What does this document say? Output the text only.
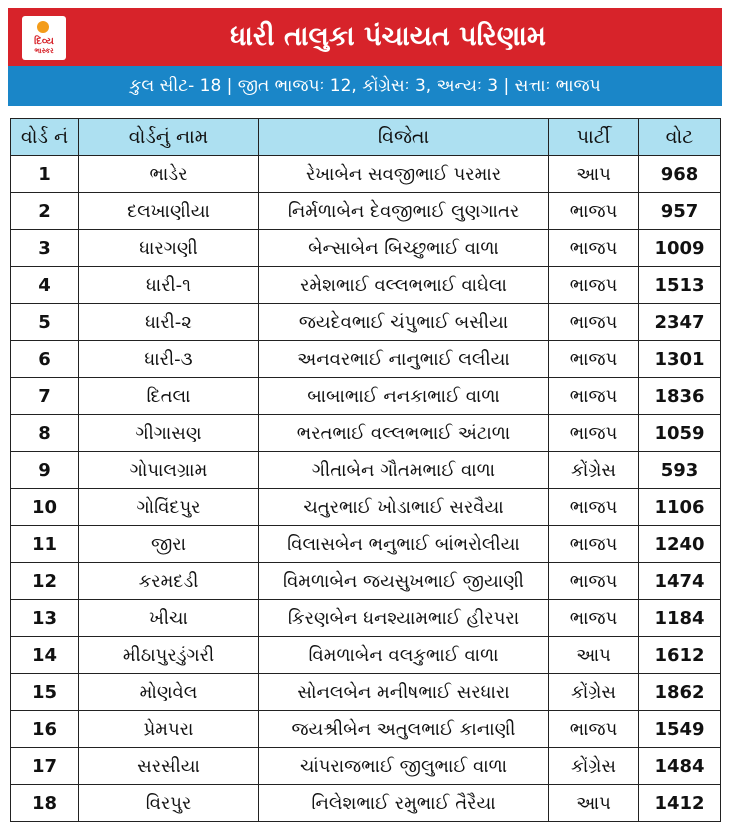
દિવ્ય
ભાસ્કર	ધારી તાલુકા પંચાયત પરિણામ
કુલ સીટ- 18 | જીત ભાજપઃ 12, કોંગ્રેસઃ 3, અન્યઃ 3 | સત્તાઃ ભાજપ
વોર્ડ નં	વોર્ડનું નામ	વિજેતા	પાર્ટી	વોટ
1	ભાડેર	રેખાબેન સવજીભાઈ પરમાર	આપ	968
2	દલખાણીયા	નિર્મળાબેન દેવજીભાઈ લુણગાતર	ભાજપ	957
3	ધારગણી	બેન્સાબેન બિચ્છુભાઈ વાળા	ભાજપ	1009
4	ધારી-૧	રમેશભાઈ વલ્લભભાઈ વાઘેલા	ભાજપ	1513
5	ધારી-૨	જયદેવભાઈ ચંપુભાઈ બસીયા	ભાજપ	2347
6	ધારી-૩	અનવરભાઈ નાનુભાઈ લલીયા	ભાજપ	1301
7	દિતલા	બાબાભાઈ નનકાભાઈ વાળા	ભાજપ	1836
8	ગીગાસણ	ભરતભાઈ વલ્લભભાઈ અંટાળા	ભાજપ	1059
9	ગોપાલગ્રામ	ગીતાબેન ગૌતમભાઈ વાળા	કોંગ્રેસ	593
10	ગોવિંદપુર	ચતુરભાઈ ખોડાભાઈ સરવૈયા	ભાજપ	1106
11	જીરા	વિલાસબેન ભનુભાઈ બાંભરોલીયા	ભાજપ	1240
12	કરમદડી	વિમળાબેન જયસુખભાઈ જીયાણી	ભાજપ	1474
13	ખીચા	કિરણબેન ધનશ્યામભાઈ હીરપરા	ભાજપ	1184
14	મીઠાપુરડુંગરી	વિમળાબેન વલકુભાઈ વાળા	આપ	1612
15	મોણવેલ	સોનલબેન મનીષભાઈ સરધારા	કોંગ્રેસ	1862
16	પ્રેમપરા	જયશ્રીબેન અતુલભાઈ કાનાણી	ભાજપ	1549
17	સરસીયા	ચાંપરાજભાઈ જીલુભાઈ વાળા	કોંગ્રેસ	1484
18	વિરપુર	નિલેશભાઈ રમુભાઈ તૈરૈયા	આપ	1412
